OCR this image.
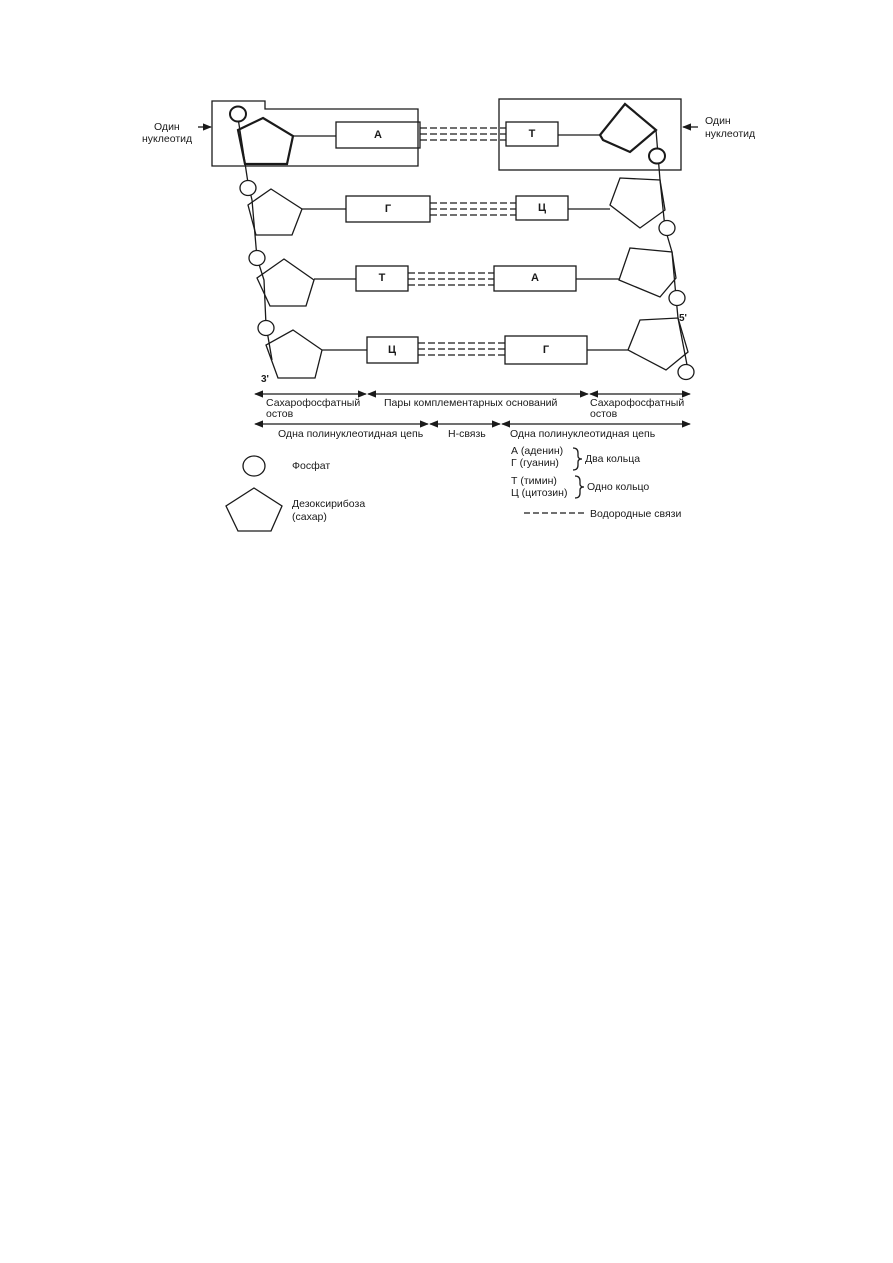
Один
нуклеотид
Один
нуклеотид
А	Т
Г	Ц
Т	А
Ц	Г
3'
5'
Сахарофосфатный
остов
Пары комплементарных оснований	Сахарофосфатный
остов
Одна полинуклеотидная цепь Н-связь Одна полинуклеотидная цепь
Фосфат
Дезоксирибоза
(сахар)
А (аденин)
Г (гуанин) Два кольца
Т (тимин)
Ц (цитозин) Одно кольцо
Водородные связи
